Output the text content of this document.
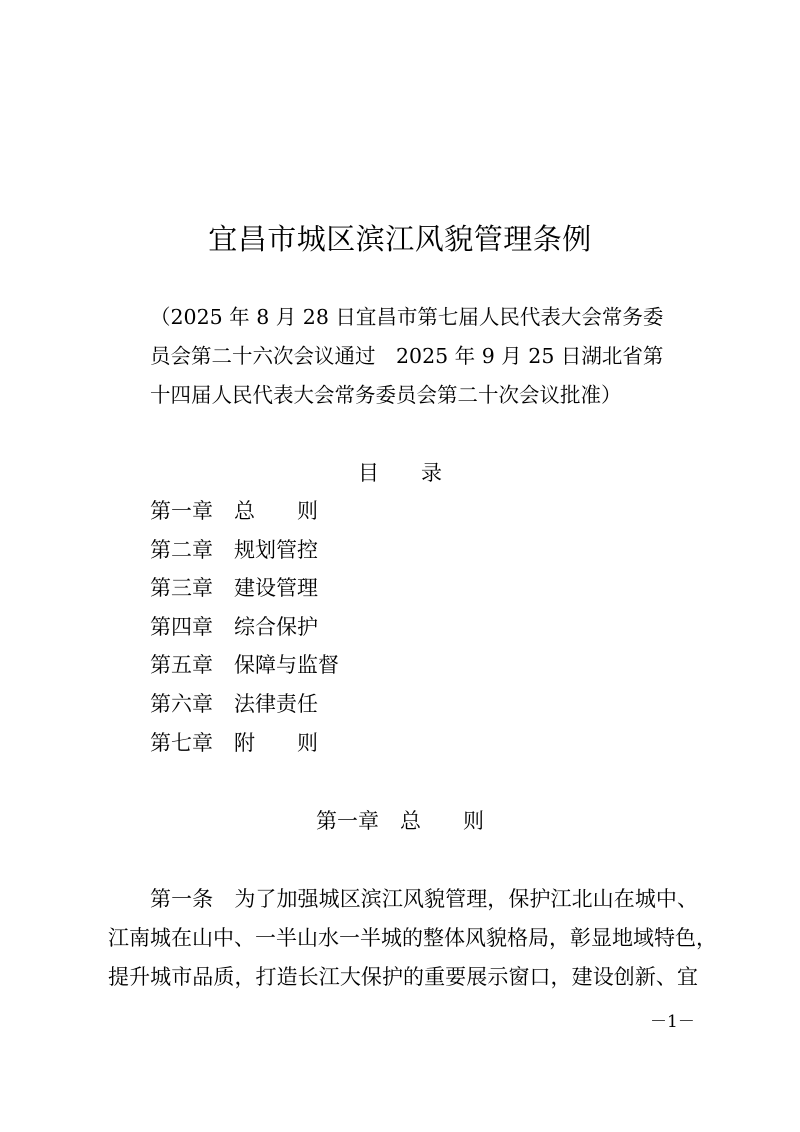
宜昌市城区滨江风貌管理条例
（2025 年 8 月 28 日宜昌市第七届人民代表大会常务委
员会第二十六次会议通过　2025 年 9 月 25 日湖北省第
十四届人民代表大会常务委员会第二十次会议批准）
目　　录
第一章　总　　则
第二章　规划管控
第三章　建设管理
第四章　综合保护
第五章　保障与监督
第六章　法律责任
第七章　附　　则
第一章　总　　则

第一条　为了加强城区滨江风貌管理，保护江北山在城中、
江南城在山中、一半山水一半城的整体风貌格局，彰显地域特色，
提升城市品质，打造长江大保护的重要展示窗口，建设创新、宜

－1－
